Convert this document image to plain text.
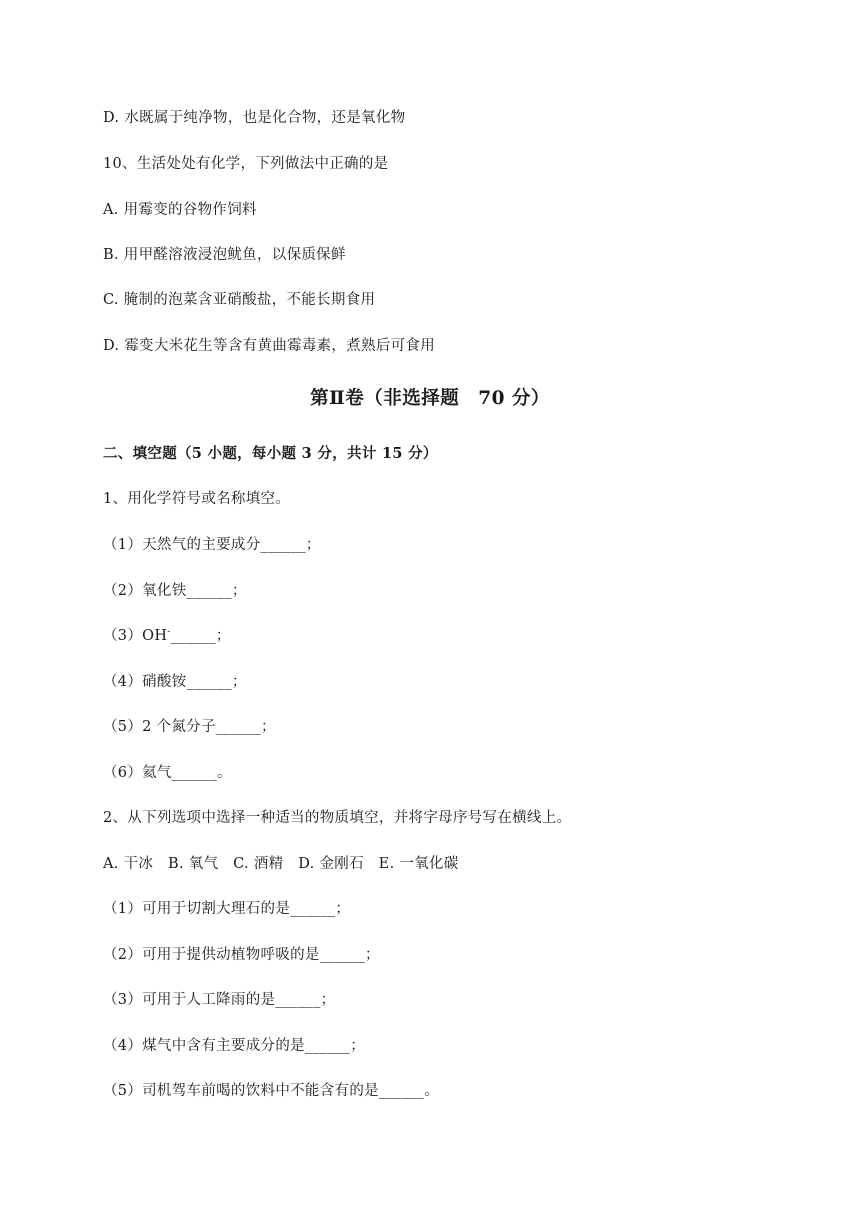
D. 水既属于纯净物，也是化合物，还是氧化物
10、生活处处有化学，下列做法中正确的是
A. 用霉变的谷物作饲料
B. 用甲醛溶液浸泡鱿鱼，以保质保鲜
C. 腌制的泡菜含亚硝酸盐，不能长期食用
D. 霉变大米花生等含有黄曲霉毒素，煮熟后可食用
第Ⅱ卷（非选择题　70 分）
二、填空题（5 小题，每小题 3 分，共计 15 分）
1、用化学符号或名称填空。
（1）天然气的主要成分______；
（2）氧化铁______；
（3）OH-______；
（4）硝酸铵______；
（5）2 个氮分子______；
（6）氦气______。
2、从下列选项中选择一种适当的物质填空，并将字母序号写在横线上。
A. 干冰　B. 氧气　C. 酒精　D. 金刚石　E. 一氧化碳
（1）可用于切割大理石的是______；
（2）可用于提供动植物呼吸的是______；
（3）可用于人工降雨的是______；
（4）煤气中含有主要成分的是______；
（5）司机驾车前喝的饮料中不能含有的是______。
